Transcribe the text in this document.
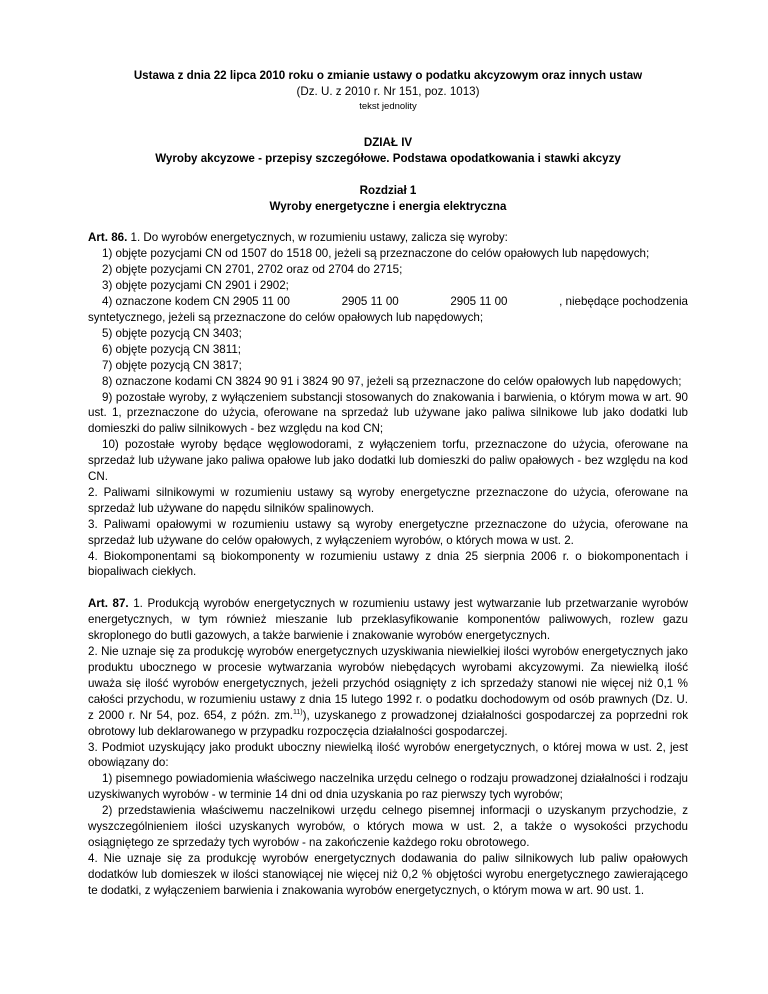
Ustawa z dnia 22 lipca 2010 roku o zmianie ustawy o podatku akcyzowym oraz innych ustaw
(Dz. U. z 2010 r. Nr 151, poz. 1013)
tekst jednolity
DZIAŁ IV
Wyroby akcyzowe - przepisy szczegółowe. Podstawa opodatkowania i stawki akcyzy
Rozdział 1
Wyroby energetyczne i energia elektryczna
Art. 86. 1. Do wyrobów energetycznych, w rozumieniu ustawy, zalicza się wyroby:
1) objęte pozycjami CN od 1507 do 1518 00, jeżeli są przeznaczone do celów opałowych lub napędowych;
2) objęte pozycjami CN 2701, 2702 oraz od 2704 do 2715;
3) objęte pozycjami CN 2901 i 2902;
4) oznaczone kodem CN 2905 11 00	2905 11 00	2905 11 00	, niebędące pochodzenia
syntetycznego, jeżeli są przeznaczone do celów opałowych lub napędowych;
5) objęte pozycją CN 3403;
6) objęte pozycją CN 3811;
7) objęte pozycją CN 3817;
8) oznaczone kodami CN 3824 90 91 i 3824 90 97, jeżeli są przeznaczone do celów opałowych lub napędowych;
9) pozostałe wyroby, z wyłączeniem substancji stosowanych do znakowania i barwienia, o którym mowa w art. 90 ust. 1, przeznaczone do użycia, oferowane na sprzedaż lub używane jako paliwa silnikowe lub jako dodatki lub domieszki do paliw silnikowych - bez względu na kod CN;
10) pozostałe wyroby będące węglowodorami, z wyłączeniem torfu, przeznaczone do użycia, oferowane na sprzedaż lub używane jako paliwa opałowe lub jako dodatki lub domieszki do paliw opałowych - bez względu na kod CN.
2. Paliwami silnikowymi w rozumieniu ustawy są wyroby energetyczne przeznaczone do użycia, oferowane na sprzedaż lub używane do napędu silników spalinowych.
3. Paliwami opałowymi w rozumieniu ustawy są wyroby energetyczne przeznaczone do użycia, oferowane na sprzedaż lub używane do celów opałowych, z wyłączeniem wyrobów, o których mowa w ust. 2.
4. Biokomponentami są biokomponenty w rozumieniu ustawy z dnia 25 sierpnia 2006 r. o biokomponentach i biopaliwach ciekłych.
Art. 87. 1. Produkcją wyrobów energetycznych w rozumieniu ustawy jest wytwarzanie lub przetwarzanie wyrobów energetycznych, w tym również mieszanie lub przeklasyfikowanie komponentów paliwowych, rozlew gazu skroplonego do butli gazowych, a także barwienie i znakowanie wyrobów energetycznych.
2. Nie uznaje się za produkcję wyrobów energetycznych uzyskiwania niewielkiej ilości wyrobów energetycznych jako produktu ubocznego w procesie wytwarzania wyrobów niebędących wyrobami akcyzowymi. Za niewielką ilość uważa się ilość wyrobów energetycznych, jeżeli przychód osiągnięty z ich sprzedaży stanowi nie więcej niż 0,1 % całości przychodu, w rozumieniu ustawy z dnia 15 lutego 1992 r. o podatku dochodowym od osób prawnych (Dz. U. z 2000 r. Nr 54, poz. 654, z późn. zm.$^{11)}$), uzyskanego z prowadzonej działalności gospodarczej za poprzedni rok obrotowy lub deklarowanego w przypadku rozpoczęcia działalności gospodarczej.
3. Podmiot uzyskujący jako produkt uboczny niewielką ilość wyrobów energetycznych, o której mowa w ust. 2, jest obowiązany do:
1) pisemnego powiadomienia właściwego naczelnika urzędu celnego o rodzaju prowadzonej działalności i rodzaju uzyskiwanych wyrobów - w terminie 14 dni od dnia uzyskania po raz pierwszy tych wyrobów;
2) przedstawienia właściwemu naczelnikowi urzędu celnego pisemnej informacji o uzyskanym przychodzie, z wyszczególnieniem ilości uzyskanych wyrobów, o których mowa w ust. 2, a także o wysokości przychodu osiągniętego ze sprzedaży tych wyrobów - na zakończenie każdego roku obrotowego.
4. Nie uznaje się za produkcję wyrobów energetycznych dodawania do paliw silnikowych lub paliw opałowych dodatków lub domieszek w ilości stanowiącej nie więcej niż 0,2 % objętości wyrobu energetycznego zawierającego te dodatki, z wyłączeniem barwienia i znakowania wyrobów energetycznych, o którym mowa w art. 90 ust. 1.
